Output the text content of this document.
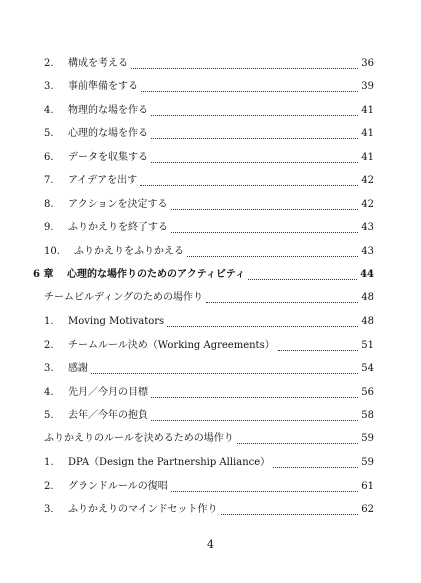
2.	構成を考える	36
3.	事前準備をする	39
4.	物理的な場を作る	41
5.	心理的な場を作る	41
6.	データを収集する	41
7.	アイデアを出す	42
8.	アクションを決定する	42
9.	ふりかえりを終了する	43
10.	ふりかえりをふりかえる	43
6 章	心理的な場作りのためのアクティビティ	44
チームビルディングのための場作り	48
1.	Moving Motivators	48
2.	チームルール決め（Working Agreements）	51
3.	感謝	54
4.	先月／今月の目標	56
5.	去年／今年の抱負	58
ふりかえりのルールを決めるための場作り	59
1.	DPA（Design the Partnership Alliance）	59
2.	グランドルールの復唱	61
3.	ふりかえりのマインドセット作り	62
4
